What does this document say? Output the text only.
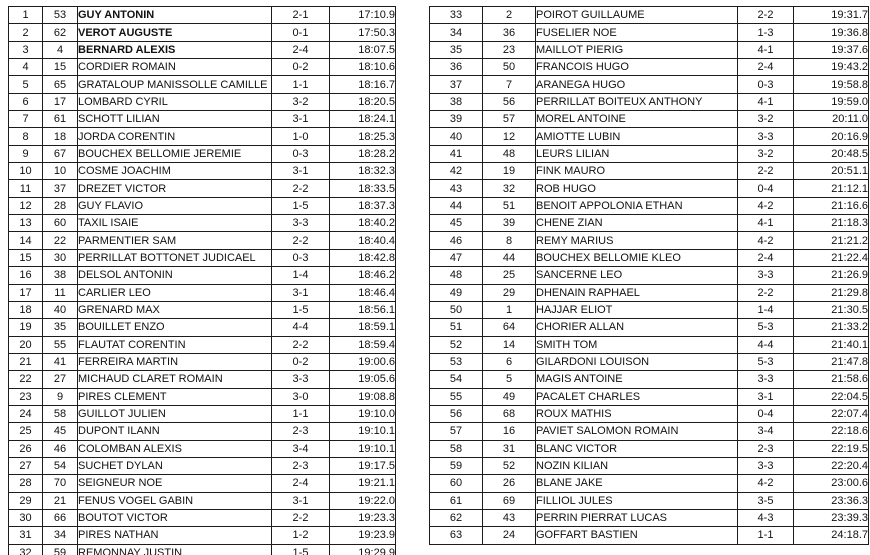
1	53	GUY ANTONIN	2-1	17:10.9
2	62	VEROT AUGUSTE	0-1	17:50.3
3	4	BERNARD ALEXIS	2-4	18:07.5
4	15	CORDIER ROMAIN	0-2	18:10.6
5	65	GRATALOUP MANISSOLLE CAMILLE	1-1	18:16.7
6	17	LOMBARD CYRIL	3-2	18:20.5
7	61	SCHOTT LILIAN	3-1	18:24.1
8	18	JORDA CORENTIN	1-0	18:25.3
9	67	BOUCHEX BELLOMIE JEREMIE	0-3	18:28.2
10	10	COSME JOACHIM	3-1	18:32.3
11	37	DREZET VICTOR	2-2	18:33.5
12	28	GUY FLAVIO	1-5	18:37.3
13	60	TAXIL ISAIE	3-3	18:40.2
14	22	PARMENTIER SAM	2-2	18:40.4
15	30	PERRILLAT BOTTONET JUDICAEL	0-3	18:42.8
16	38	DELSOL ANTONIN	1-4	18:46.2
17	11	CARLIER LEO	3-1	18:46.4
18	40	GRENARD MAX	1-5	18:56.1
19	35	BOUILLET ENZO	4-4	18:59.1
20	55	FLAUTAT CORENTIN	2-2	18:59.4
21	41	FERREIRA MARTIN	0-2	19:00.6
22	27	MICHAUD CLARET ROMAIN	3-3	19:05.6
23	9	PIRES CLEMENT	3-0	19:08.8
24	58	GUILLOT JULIEN	1-1	19:10.0
25	45	DUPONT ILANN	2-3	19:10.1
26	46	COLOMBAN ALEXIS	3-4	19:10.1
27	54	SUCHET DYLAN	2-3	19:17.5
28	70	SEIGNEUR NOE	2-4	19:21.1
29	21	FENUS VOGEL GABIN	3-1	19:22.0
30	66	BOUTOT VICTOR	2-2	19:23.3
31	34	PIRES NATHAN	1-2	19:23.9
32	59	REMONNAY JUSTIN	1-5	19:29.9
33	2	POIROT GUILLAUME	2-2	19:31.7
34	36	FUSELIER NOE	1-3	19:36.8
35	23	MAILLOT PIERIG	4-1	19:37.6
36	50	FRANCOIS HUGO	2-4	19:43.2
37	7	ARANEGA HUGO	0-3	19:58.8
38	56	PERRILLAT BOITEUX ANTHONY	4-1	19:59.0
39	57	MOREL ANTOINE	3-2	20:11.0
40	12	AMIOTTE LUBIN	3-3	20:16.9
41	48	LEURS LILIAN	3-2	20:48.5
42	19	FINK MAURO	2-2	20:51.1
43	32	ROB HUGO	0-4	21:12.1
44	51	BENOIT APPOLONIA ETHAN	4-2	21:16.6
45	39	CHENE ZIAN	4-1	21:18.3
46	8	REMY MARIUS	4-2	21:21.2
47	44	BOUCHEX BELLOMIE KLEO	2-4	21:22.4
48	25	SANCERNE LEO	3-3	21:26.9
49	29	DHENAIN RAPHAEL	2-2	21:29.8
50	1	HAJJAR ELIOT	1-4	21:30.5
51	64	CHORIER ALLAN	5-3	21:33.2
52	14	SMITH TOM	4-4	21:40.1
53	6	GILARDONI LOUISON	5-3	21:47.8
54	5	MAGIS ANTOINE	3-3	21:58.6
55	49	PACALET CHARLES	3-1	22:04.5
56	68	ROUX MATHIS	0-4	22:07.4
57	16	PAVIET SALOMON ROMAIN	3-4	22:18.6
58	31	BLANC VICTOR	2-3	22:19.5
59	52	NOZIN KILIAN	3-3	22:20.4
60	26	BLANE JAKE	4-2	23:00.6
61	69	FILLIOL JULES	3-5	23:36.3
62	43	PERRIN PIERRAT LUCAS	4-3	23:39.3
63	24	GOFFART BASTIEN	1-1	24:18.7
